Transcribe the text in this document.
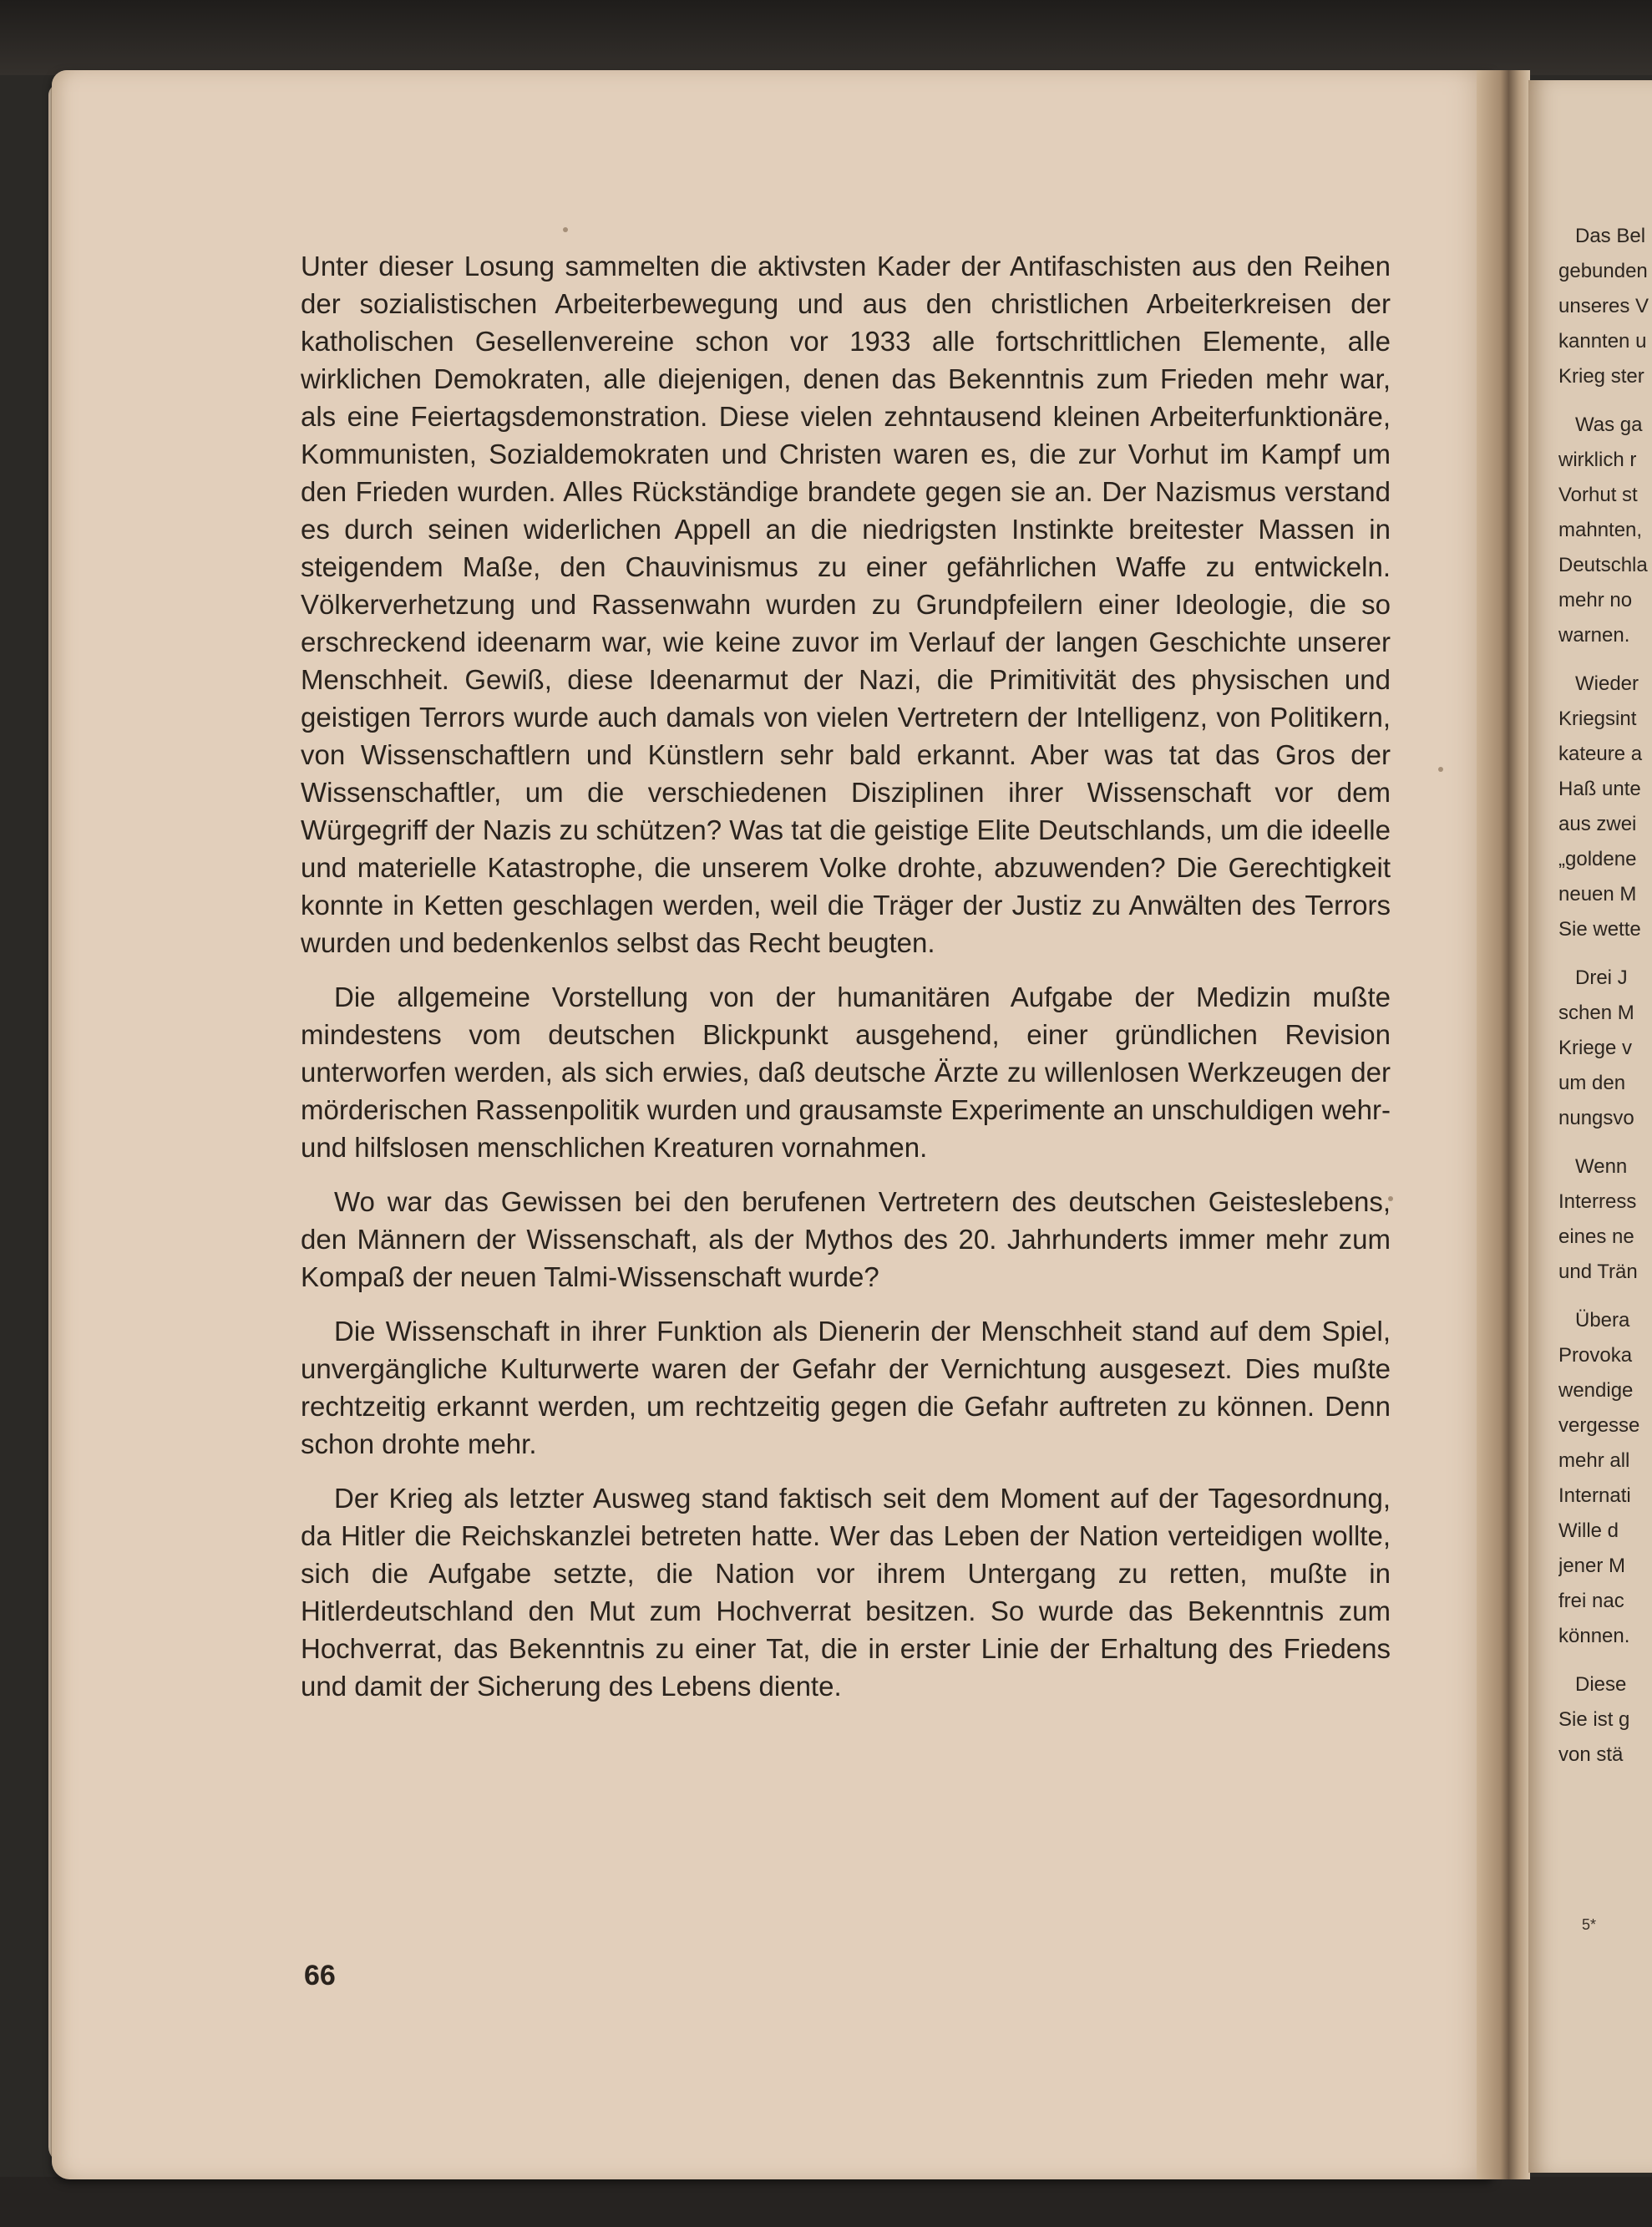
Unter dieser Losung sammelten die aktivsten Kader der Antifaschisten aus den Reihen der sozialistischen Arbeiterbewegung und aus den christlichen Arbeiterkreisen der katholischen Gesellenvereine schon vor 1933 alle fortschrittlichen Elemente, alle wirklichen Demokraten, alle diejenigen, denen das Bekenntnis zum Frieden mehr war, als eine Feiertagsdemonstration. Diese vielen zehntausend kleinen Arbeiterfunktionäre, Kommunisten, Sozialdemokraten und Christen waren es, die zur Vorhut im Kampf um den Frieden wurden. Alles Rückständige brandete gegen sie an. Der Nazismus verstand es durch seinen widerlichen Appell an die niedrigsten Instinkte breitester Massen in steigendem Maße, den Chauvinismus zu einer gefährlichen Waffe zu entwickeln. Völkerverhetzung und Rassenwahn wurden zu Grundpfeilern einer Ideologie, die so erschreckend ideenarm war, wie keine zuvor im Verlauf der langen Geschichte unserer Menschheit. Gewiß, diese Ideenarmut der Nazi, die Primitivität des physischen und geistigen Terrors wurde auch damals von vielen Vertretern der Intelligenz, von Politikern, von Wissenschaftlern und Künstlern sehr bald erkannt. Aber was tat das Gros der Wissenschaftler, um die verschiedenen Disziplinen ihrer Wissenschaft vor dem Würgegriff der Nazis zu schützen? Was tat die geistige Elite Deutschlands, um die ideelle und materielle Katastrophe, die unserem Volke drohte, abzuwenden? Die Gerechtigkeit konnte in Ketten geschlagen werden, weil die Träger der Justiz zu Anwälten des Terrors wurden und bedenkenlos selbst das Recht beugten.

Die allgemeine Vorstellung von der humanitären Aufgabe der Medizin mußte mindestens vom deutschen Blickpunkt ausgehend, einer gründlichen Revision unterworfen werden, als sich erwies, daß deutsche Ärzte zu willenlosen Werkzeugen der mörderischen Rassenpolitik wurden und grausamste Experimente an unschuldigen wehr- und hilfslosen menschlichen Kreaturen vornahmen.

Wo war das Gewissen bei den berufenen Vertretern des deutschen Geisteslebens, den Männern der Wissenschaft, als der Mythos des 20. Jahrhunderts immer mehr zum Kompaß der neuen Talmi-Wissenschaft wurde?

Die Wissenschaft in ihrer Funktion als Dienerin der Menschheit stand auf dem Spiel, unvergängliche Kulturwerte waren der Gefahr der Vernichtung ausgesezt. Dies mußte rechtzeitig erkannt werden, um rechtzeitig gegen die Gefahr auftreten zu können. Denn schon drohte mehr.

Der Krieg als letzter Ausweg stand faktisch seit dem Moment auf der Tagesordnung, da Hitler die Reichskanzlei betreten hatte. Wer das Leben der Nation verteidigen wollte, sich die Aufgabe setzte, die Nation vor ihrem Untergang zu retten, mußte in Hitlerdeutschland den Mut zum Hochverrat besitzen. So wurde das Bekenntnis zum Hochverrat, das Bekenntnis zu einer Tat, die in erster Linie der Erhaltung des Friedens und damit der Sicherung des Lebens diente.

66
Das Bel
gebunden
unseres V
kannten u
Krieg ster
Was ga
wirklich r
Vorhut st
mahnten,
Deutschla
mehr no
warnen.
Wieder
Kriegsint
kateure a
Haß unte
aus zwei
„goldene
neuen M
Sie wette
Drei J
schen M
Kriege v
um den
nungsvo
Wenn
Interress
eines ne
und Trän
Übera
Provoka
wendige
vergesse
mehr all
Internati
Wille d
jener M
frei nac
können.
Diese
Sie ist g
von stä
5*
